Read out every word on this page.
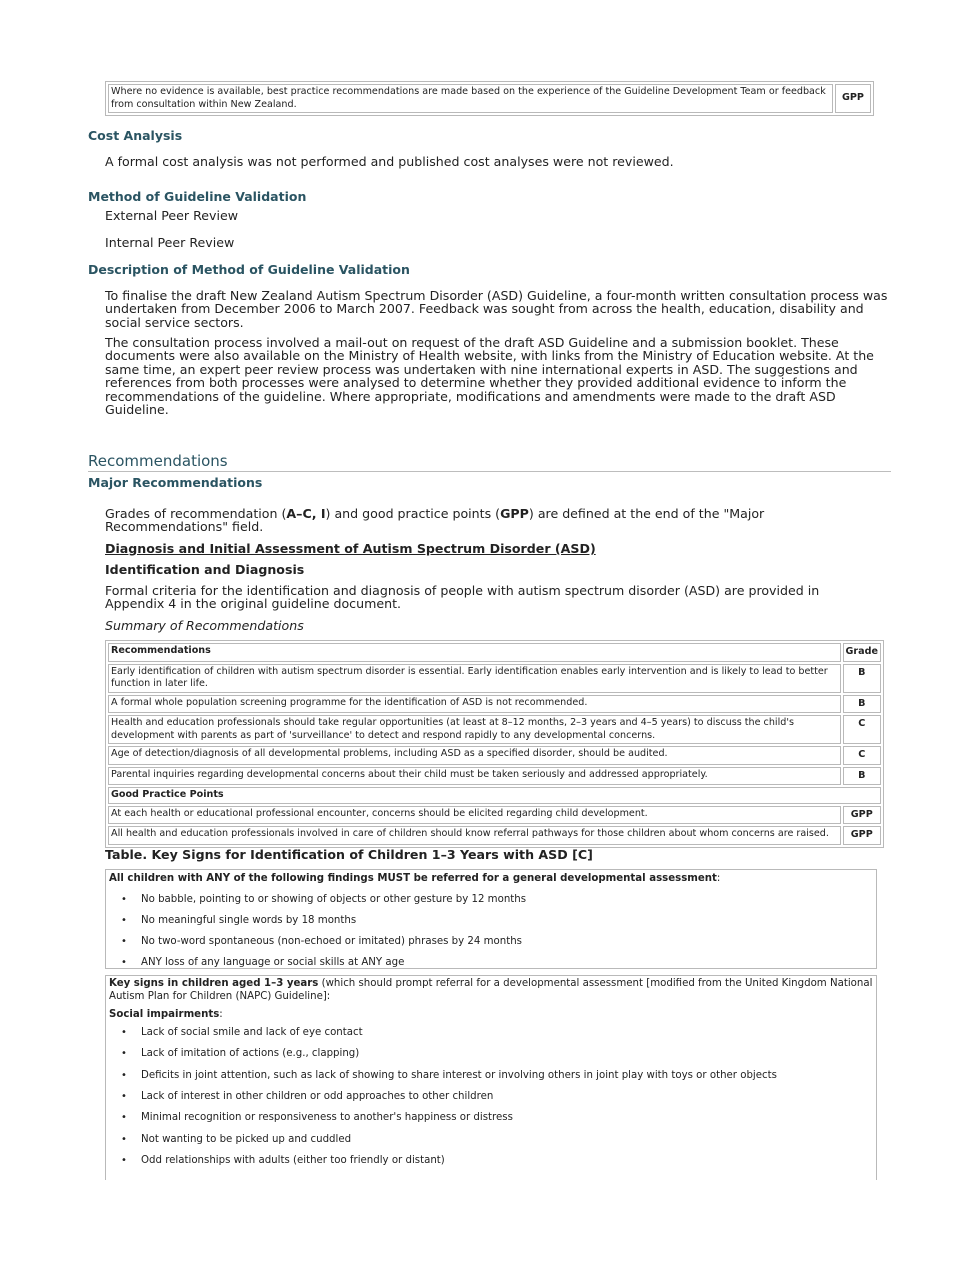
Where no evidence is available, best practice recommendations are made based on the experience of the Guideline Development Team or feedback from consultation within New Zealand.	GPP
Cost Analysis
A formal cost analysis was not performed and published cost analyses were not reviewed.
Method of Guideline Validation
External Peer Review
Internal Peer Review
Description of Method of Guideline Validation
To finalise the draft New Zealand Autism Spectrum Disorder (ASD) Guideline, a four-month written consultation process was undertaken from December 2006 to March 2007. Feedback was sought from across the health, education, disability and social service sectors.
The consultation process involved a mail-out on request of the draft ASD Guideline and a submission booklet. These documents were also available on the Ministry of Health website, with links from the Ministry of Education website. At the same time, an expert peer review process was undertaken with nine international experts in ASD. The suggestions and references from both processes were analysed to determine whether they provided additional evidence to inform the recommendations of the guideline. Where appropriate, modifications and amendments were made to the draft ASD Guideline.
Recommendations
Major Recommendations
Grades of recommendation (A–C, I) and good practice points (GPP) are defined at the end of the "Major Recommendations" field.
Diagnosis and Initial Assessment of Autism Spectrum Disorder (ASD)
Identification and Diagnosis
Formal criteria for the identification and diagnosis of people with autism spectrum disorder (ASD) are provided in Appendix 4 in the original guideline document.
Summary of Recommendations
Recommendations	Grade
Early identification of children with autism spectrum disorder is essential. Early identification enables early intervention and is likely to lead to better function in later life.	B
A formal whole population screening programme for the identification of ASD is not recommended.	B
Health and education professionals should take regular opportunities (at least at 8–12 months, 2–3 years and 4–5 years) to discuss the child's development with parents as part of 'surveillance' to detect and respond rapidly to any developmental concerns.	C
Age of detection/diagnosis of all developmental problems, including ASD as a specified disorder, should be audited.	C
Parental inquiries regarding developmental concerns about their child must be taken seriously and addressed appropriately.	B
Good Practice Points	
At each health or educational professional encounter, concerns should be elicited regarding child development.	GPP
All health and education professionals involved in care of children should know referral pathways for those children about whom concerns are raised.	GPP
Table. Key Signs for Identification of Children 1–3 Years with ASD [C]
All children with ANY of the following findings MUST be referred for a general developmental assessment:
• No babble, pointing to or showing of objects or other gesture by 12 months
• No meaningful single words by 18 months
• No two-word spontaneous (non-echoed or imitated) phrases by 24 months
• ANY loss of any language or social skills at ANY age
Key signs in children aged 1–3 years (which should prompt referral for a developmental assessment [modified from the United Kingdom National Autism Plan for Children (NAPC) Guideline]:
Social impairments:
• Lack of social smile and lack of eye contact
• Lack of imitation of actions (e.g., clapping)
• Deficits in joint attention, such as lack of showing to share interest or involving others in joint play with toys or other objects
• Lack of interest in other children or odd approaches to other children
• Minimal recognition or responsiveness to another's happiness or distress
• Not wanting to be picked up and cuddled
• Odd relationships with adults (either too friendly or distant)
